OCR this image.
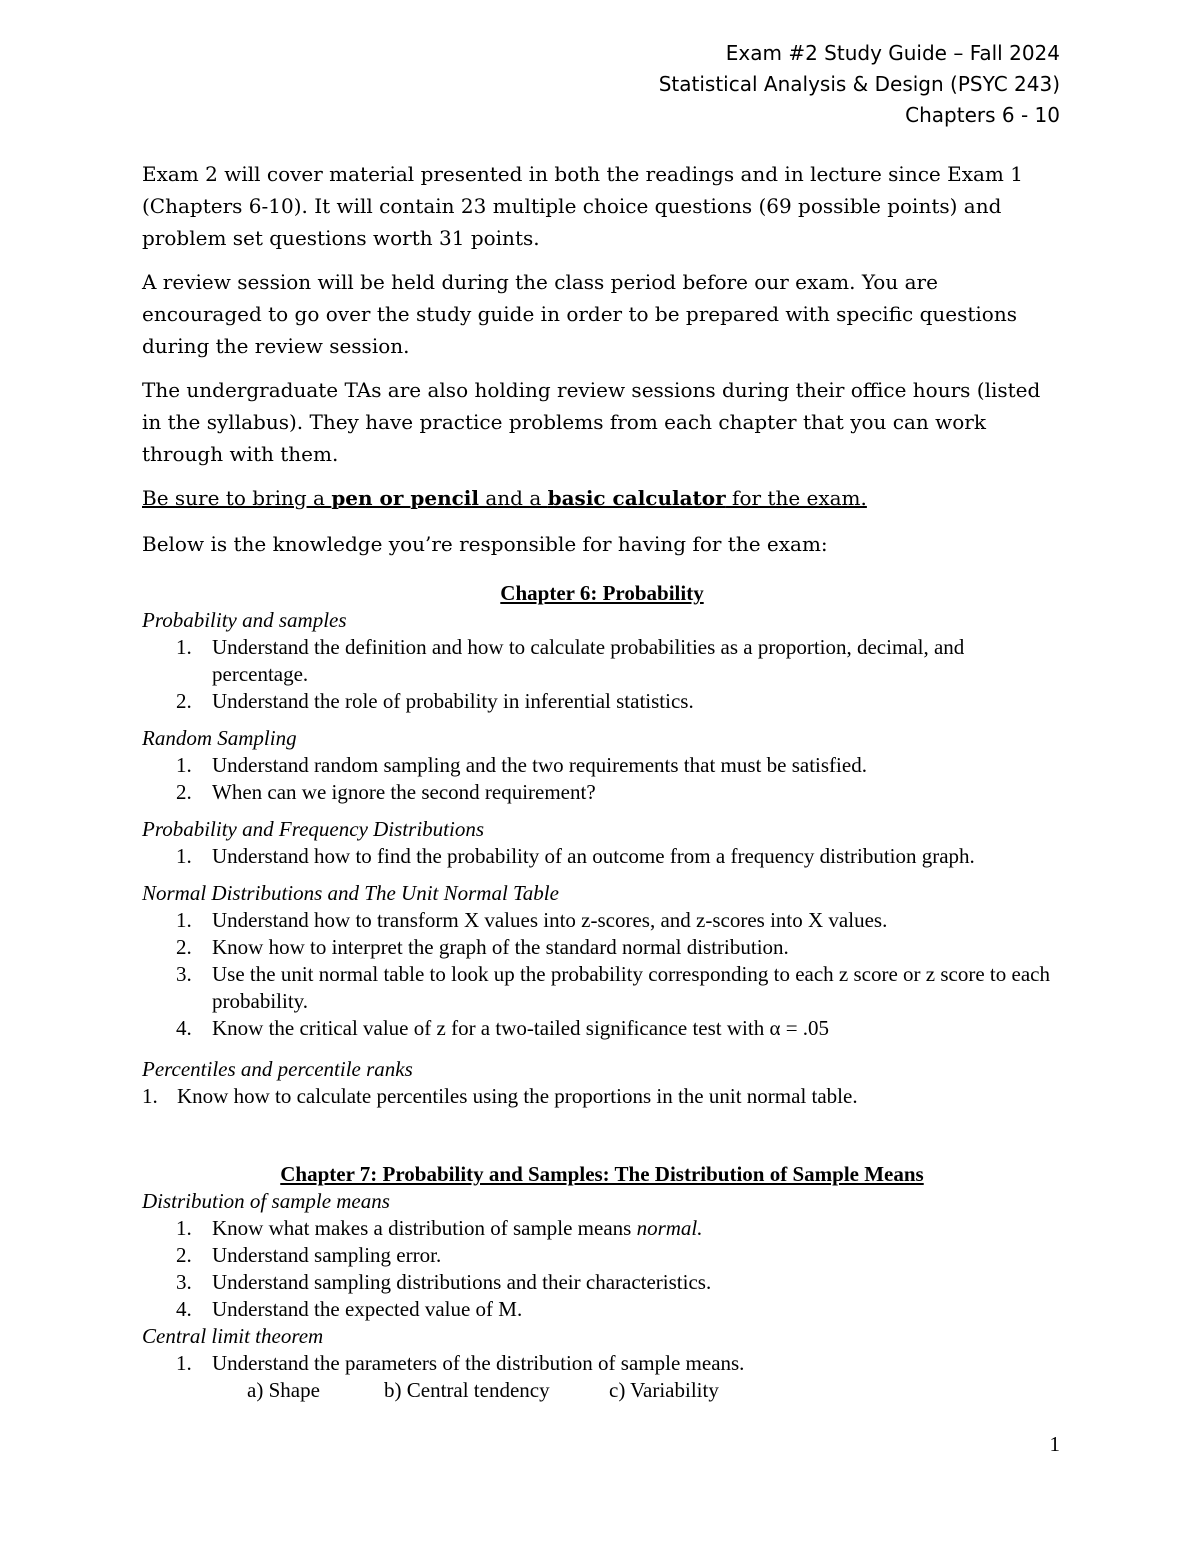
Exam #2 Study Guide – Fall 2024
Statistical Analysis & Design (PSYC 243)
Chapters 6 - 10

Exam 2 will cover material presented in both the readings and in lecture since Exam 1 (Chapters 6-10). It will contain 23 multiple choice questions (69 possible points) and problem set questions worth 31 points.

A review session will be held during the class period before our exam. You are encouraged to go over the study guide in order to be prepared with specific questions during the review session.

The undergraduate TAs are also holding review sessions during their office hours (listed in the syllabus). They have practice problems from each chapter that you can work through with them.

Be sure to bring a pen or pencil and a basic calculator for the exam.

Below is the knowledge you’re responsible for having for the exam:

Chapter 6: Probability

Probability and samples

1. Understand the definition and how to calculate probabilities as a proportion, decimal, and percentage.
2. Understand the role of probability in inferential statistics.

Random Sampling

1. Understand random sampling and the two requirements that must be satisfied.
2. When can we ignore the second requirement?

Probability and Frequency Distributions

1. Understand how to find the probability of an outcome from a frequency distribution graph.

Normal Distributions and The Unit Normal Table

1. Understand how to transform X values into z-scores, and z-scores into X values.
2. Know how to interpret the graph of the standard normal distribution.
3. Use the unit normal table to look up the probability corresponding to each z score or z score to each probability.
4. Know the critical value of z for a two-tailed significance test with α = .05

Percentiles and percentile ranks

1. Know how to calculate percentiles using the proportions in the unit normal table.

Chapter 7: Probability and Samples: The Distribution of Sample Means

Distribution of sample means

1. Know what makes a distribution of sample means normal.
2. Understand sampling error.
3. Understand sampling distributions and their characteristics.
4. Understand the expected value of M.

Central limit theorem

1. Understand the parameters of the distribution of sample means.
a) Shape	b) Central tendency	c) Variability
1
